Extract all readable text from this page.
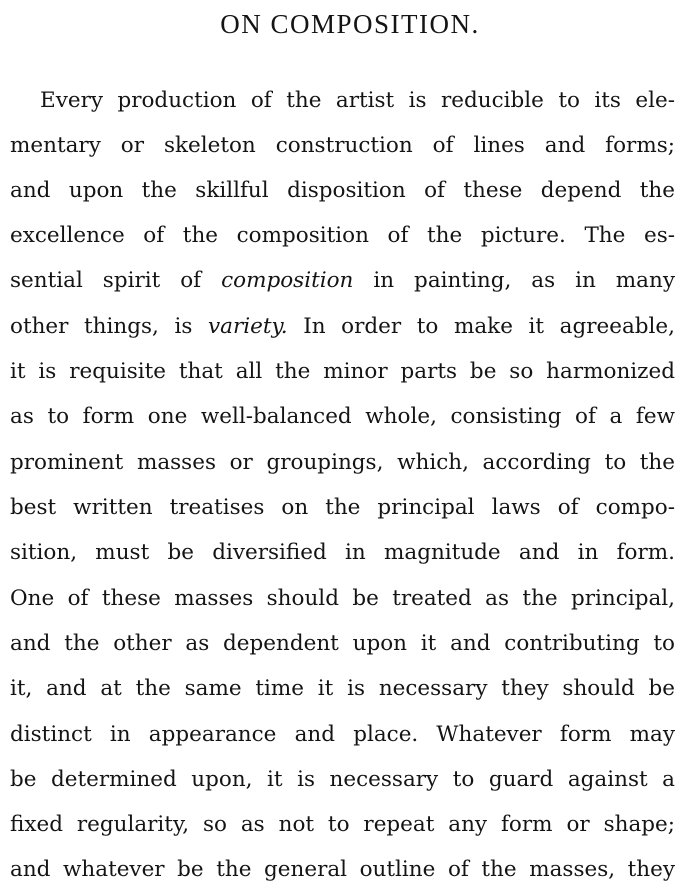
ON COMPOSITION.
Every production of the artist is reducible to its ele-
mentary or skeleton construction of lines and forms;
and upon the skillful disposition of these depend the
excellence of the composition of the picture. The es-
sential spirit of composition in painting, as in many
other things, is variety. In order to make it agreeable,
it is requisite that all the minor parts be so harmonized
as to form one well-balanced whole, consisting of a few
prominent masses or groupings, which, according to the
best written treatises on the principal laws of compo-
sition, must be diversified in magnitude and in form.
One of these masses should be treated as the principal,
and the other as dependent upon it and contributing to
it, and at the same time it is necessary they should be
distinct in appearance and place. Whatever form may
be determined upon, it is necessary to guard against a
fixed regularity, so as not to repeat any form or shape;
and whatever be the general outline of the masses, they
